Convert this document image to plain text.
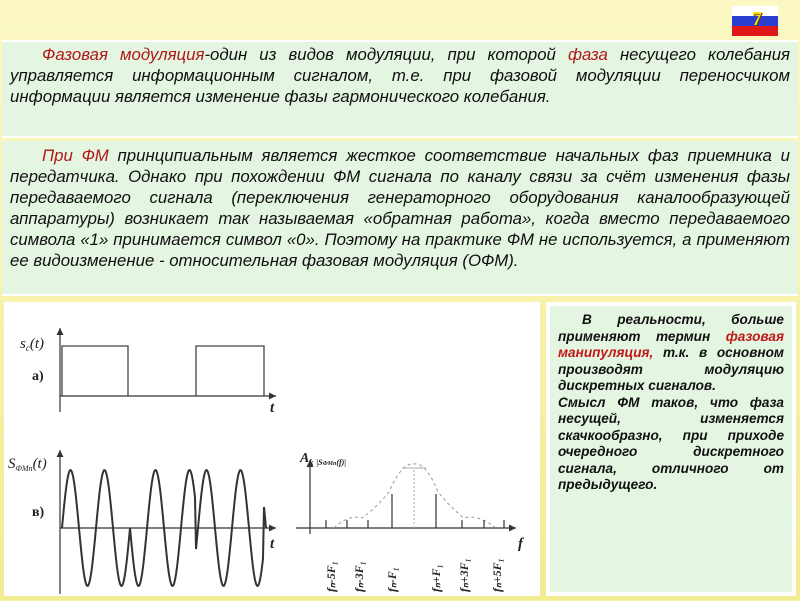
7

Фазовая модуляция-один из видов модуляции, при которой фаза несущего колебания управляется информационным сигналом, т.е. при фазовой модуляции переносчиком информации является изменение фазы гармонического колебания.

При ФМ принципиальным является жесткое соответствие начальных фаз приемника и передатчика. Однако при похождении ФМ сигнала по каналу связи за счёт изменения фазы передаваемого сигнала (переключения генераторного оборудования каналообразующей аппаратуры) возникает так называемая «обратная работа», когда вместо передаваемого символа «1» принимается символ «0». Поэтому на практике ФМ не используется, а применяют ее видоизменение - относительная фазовая модуляция (ОФМ).

$s_с(t)$
t
а)
$S_{ФМп}(t)$
t
в)
$A_k$ |SФМп(f)|
f
fₙ-5F₁ fₙ-3F₁ fₙ-F₁	fₙ+F₁ fₙ+3F₁ fₙ+5F₁

В реальности, больше применяют термин фазовая манипуляция, т.к. в основном производят модуляцию дискретных сигналов.

Смысл ФМ таков, что фаза несущей, изменяется скачкообразно, при приходе очередного дискретного сигнала, отличного от предыдущего.
